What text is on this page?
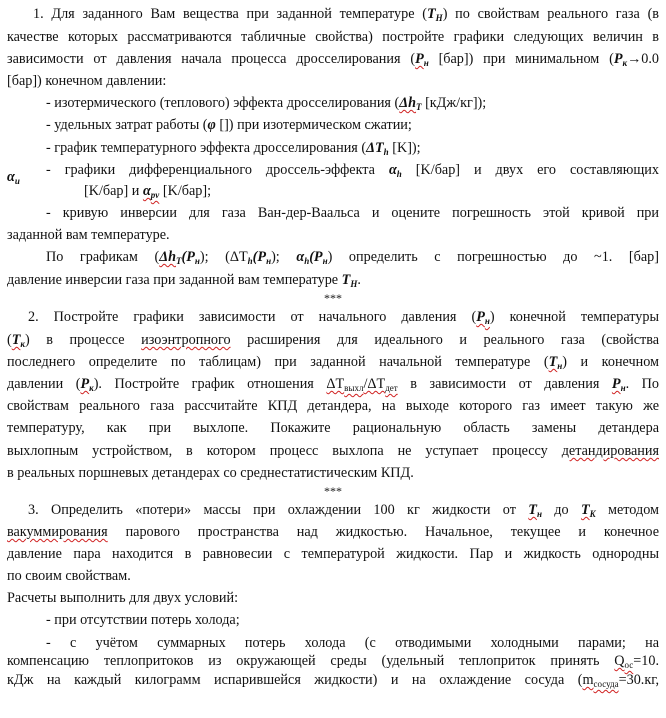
1. Для заданного Вам вещества при заданной температуре $(T_H)$ по свойствам реального газа (в
качестве которых рассматриваются табличные свойства) постройте графики следующих величин в
зависимости от давления начала процесса дросселирования ($P_н$ [бар]) при минимальном ($P_к\to 0.0$
[бар]) конечном давлении:
- изотермического (теплового) эффекта дросселирования ($\Delta h_T$ [кДж/кг]);
- удельных затрат работы (φ []) при изотермическом сжатии;
- график температурного эффекта дросселирования ($\Delta T_h$ [K]);
- графики дифференциального дроссель-эффекта $\alpha_h$ [K/бар] и двух его составляющих
$\alpha_u$
[K/бар] и $\alpha_{pv}$ [K/бар];
- кривую инверсии для газа Ван-дер-Ваальса и оцените погрешность этой кривой при
заданной вам температуре.
По графикам ($\Delta h_T(P_н)$; ($\Delta T_h(P_н)$; $\alpha_h(P_н)$ определить с погрешностью до ~1. [бар]
давление инверсии газа при заданной вам температуре $T_H$.
***
2. Постройте графики зависимости от начального давления $(P_н)$ конечной температуры
$(T_к)$ в процессе изоэнтропного расширения для идеального и реального газа (свойства
последнего определите по таблицам) при заданной начальной температуре $(T_н)$ и конечном
давлении $(P_к)$. Постройте график отношения $\Delta T_{выхл}/\Delta T_{дет}$ в зависимости от давления $P_н$. По
свойствам реального газа рассчитайте КПД детандера, на выходе которого газ имеет такую же
температуру, как при выхлопе. Покажите рациональную область замены детандера
выхлопным устройством, в котором процесс выхлопа не уступает процессу детандирования
в реальных поршневых детандерах со среднестатистическим КПД.
***
3. Определить «потери» массы при охлаждении 100 кг жидкости от $T_н$ до $T_K$ методом
вакуммирования парового пространства над жидкостью. Начальное, текущее и конечное
давление пара находится в равновесии с температурой жидкости. Пар и жидкость однородны
по своим свойствам.
Расчеты выполнить для двух условий:
- при отсутствии потерь холода;
- с учётом суммарных потерь холода (с отводимыми холодными парами; на
компенсацию теплопритоков из окружающей среды (удельный теплоприток принять $Q_{ос}=10$.
кДж на каждый килограмм испарившейся жидкости) и на охлаждение сосуда ($m_{сосуда}=30.кг$,
